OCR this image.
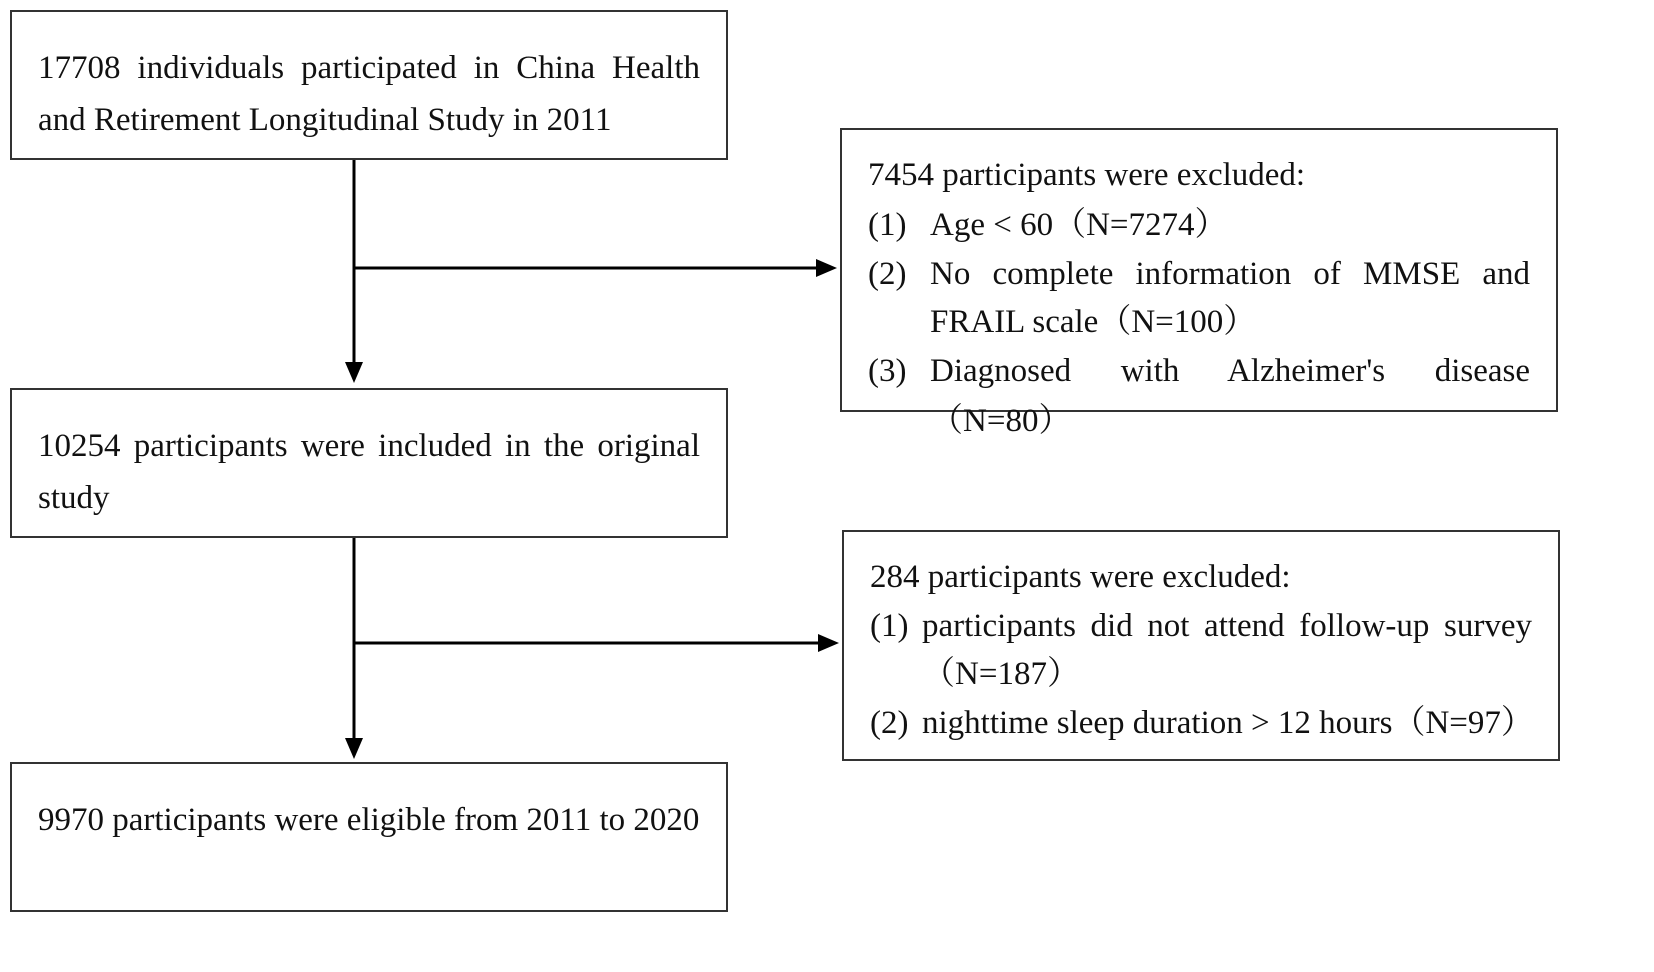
17708 individuals participated in China Health and Retirement Longitudinal Study in 2011

10254 participants were included in the original study

9970 participants were eligible from 2011 to 2020

7454 participants were excluded:

(1) Age < 60（N=7274）
(2) No complete information of MMSE and FRAIL scale（N=100）
(3) Diagnosed with Alzheimer's disease（N=80）

284 participants were excluded:

(1) participants did not attend follow-up survey（N=187）
(2) nighttime sleep duration > 12 hours（N=97）
